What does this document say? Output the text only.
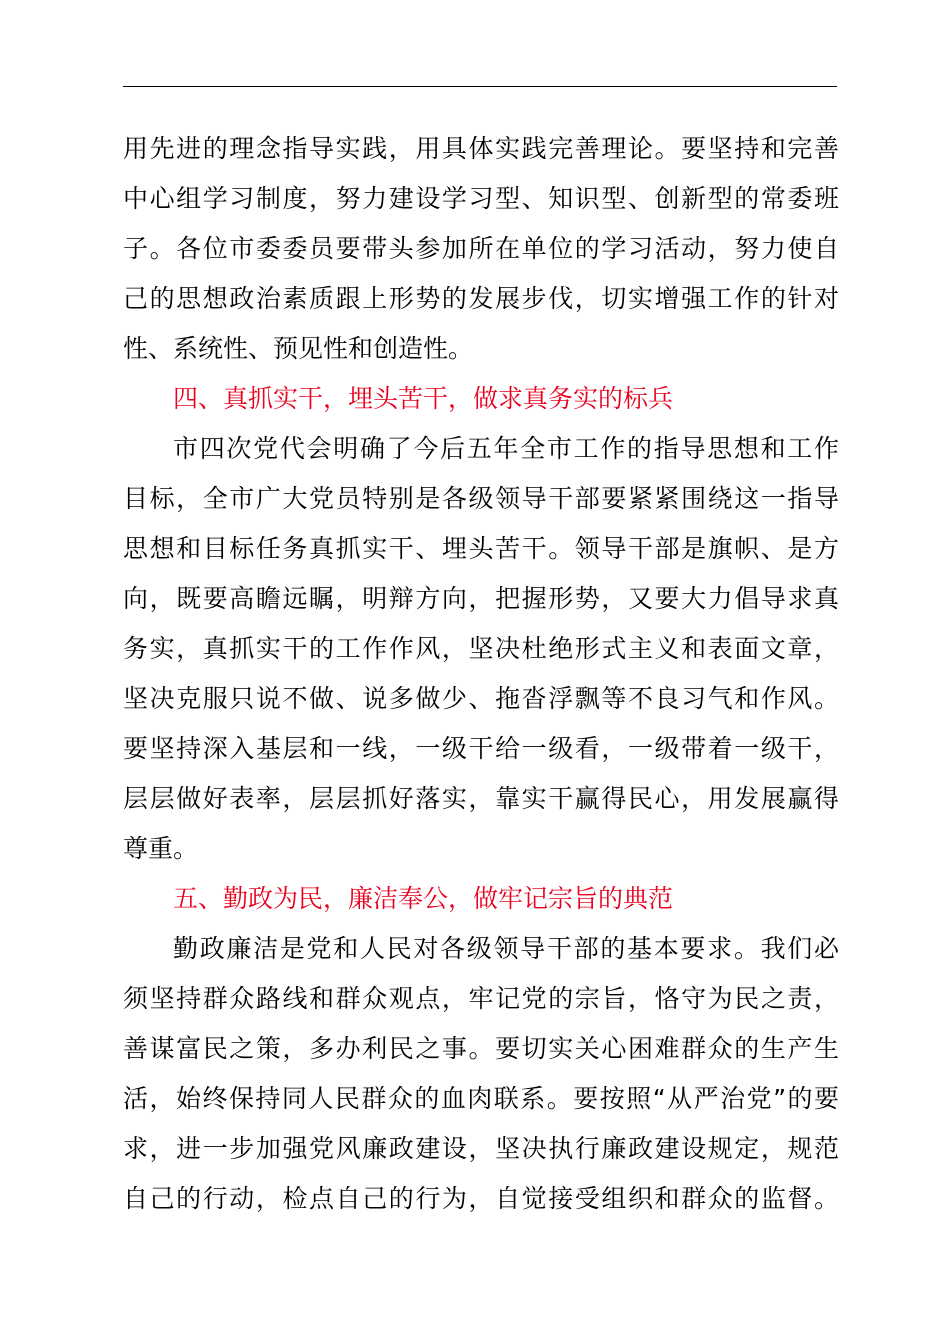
用先进的理念指导实践，用具体实践完善理论。要坚持和完善
中心组学习制度，努力建设学习型、知识型、创新型的常委班
子。各位市委委员要带头参加所在单位的学习活动，努力使自
己的思想政治素质跟上形势的发展步伐，切实增强工作的针对
性、系统性、预见性和创造性。
四、真抓实干，埋头苦干，做求真务实的标兵
市四次党代会明确了今后五年全市工作的指导思想和工作
目标，全市广大党员特别是各级领导干部要紧紧围绕这一指导
思想和目标任务真抓实干、埋头苦干。领导干部是旗帜、是方
向，既要高瞻远瞩，明辩方向，把握形势，又要大力倡导求真
务实，真抓实干的工作作风，坚决杜绝形式主义和表面文章，
坚决克服只说不做、说多做少、拖沓浮飘等不良习气和作风。
要坚持深入基层和一线，一级干给一级看，一级带着一级干，
层层做好表率，层层抓好落实，靠实干赢得民心，用发展赢得
尊重。
五、勤政为民，廉洁奉公，做牢记宗旨的典范
勤政廉洁是党和人民对各级领导干部的基本要求。我们必
须坚持群众路线和群众观点，牢记党的宗旨，恪守为民之责，
善谋富民之策，多办利民之事。要切实关心困难群众的生产生
活，始终保持同人民群众的血肉联系。要按照“从严治党”的要
求，进一步加强党风廉政建设，坚决执行廉政建设规定，规范
自己的行动，检点自己的行为，自觉接受组织和群众的监督。
